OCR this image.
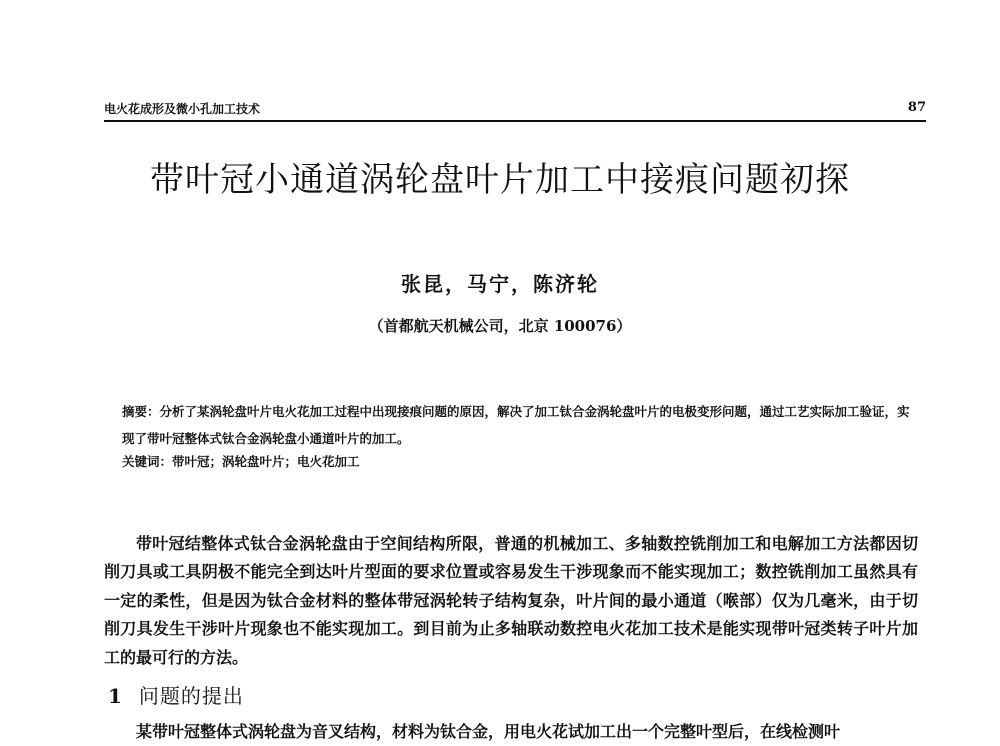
电火花成形及微小孔加工技术	87
带叶冠小通道涡轮盘叶片加工中接痕问题初探
张昆，马宁，陈济轮
（首都航天机械公司，北京 100076）
摘要：分析了某涡轮盘叶片电火花加工过程中出现接痕问题的原因，解决了加工钛合金涡轮盘叶片的电极变形问题，通过工艺实际加工验证，实现了带叶冠整体式钛合金涡轮盘小通道叶片的加工。
关键词：带叶冠；涡轮盘叶片；电火花加工
带叶冠结整体式钛合金涡轮盘由于空间结构所限，普通的机械加工、多轴数控铣削加工和电解加工方法都因切削刀具或工具阴极不能完全到达叶片型面的要求位置或容易发生干涉现象而不能实现加工；数控铣削加工虽然具有一定的柔性，但是因为钛合金材料的整体带冠涡轮转子结构复杂，叶片间的最小通道（喉部）仅为几毫米，由于切削刀具发生干涉叶片现象也不能实现加工。到目前为止多轴联动数控电火花加工技术是能实现带叶冠类转子叶片加工的最可行的方法。
1 问题的提出
某带叶冠整体式涡轮盘为音叉结构，材料为钛合金，用电火花试加工出一个完整叶型后，在线检测叶
